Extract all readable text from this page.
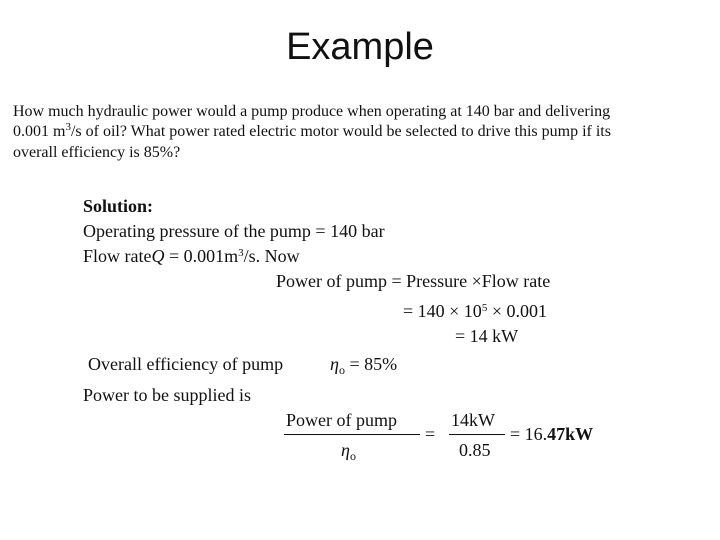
Example
How much hydraulic power would a pump produce when operating at 140 bar and delivering
0.001 $m^3/s$ of oil? What power rated electric motor would be selected to drive this pump if its
overall efficiency is 85%?
Solution:
Operating pressure of the pump = 140 bar
Flow rateQ = $0.001m^3/s$. Now
Power of pump = Pressure ×Flow rate
= $140 \times 10^5 \times 0.001$
= 14 kW
Overall efficiency of pump	$\eta_o = 85\%$
Power to be supplied is
Power of pump
$\eta_o$
=
14kW
0.85
= 16.47kW
